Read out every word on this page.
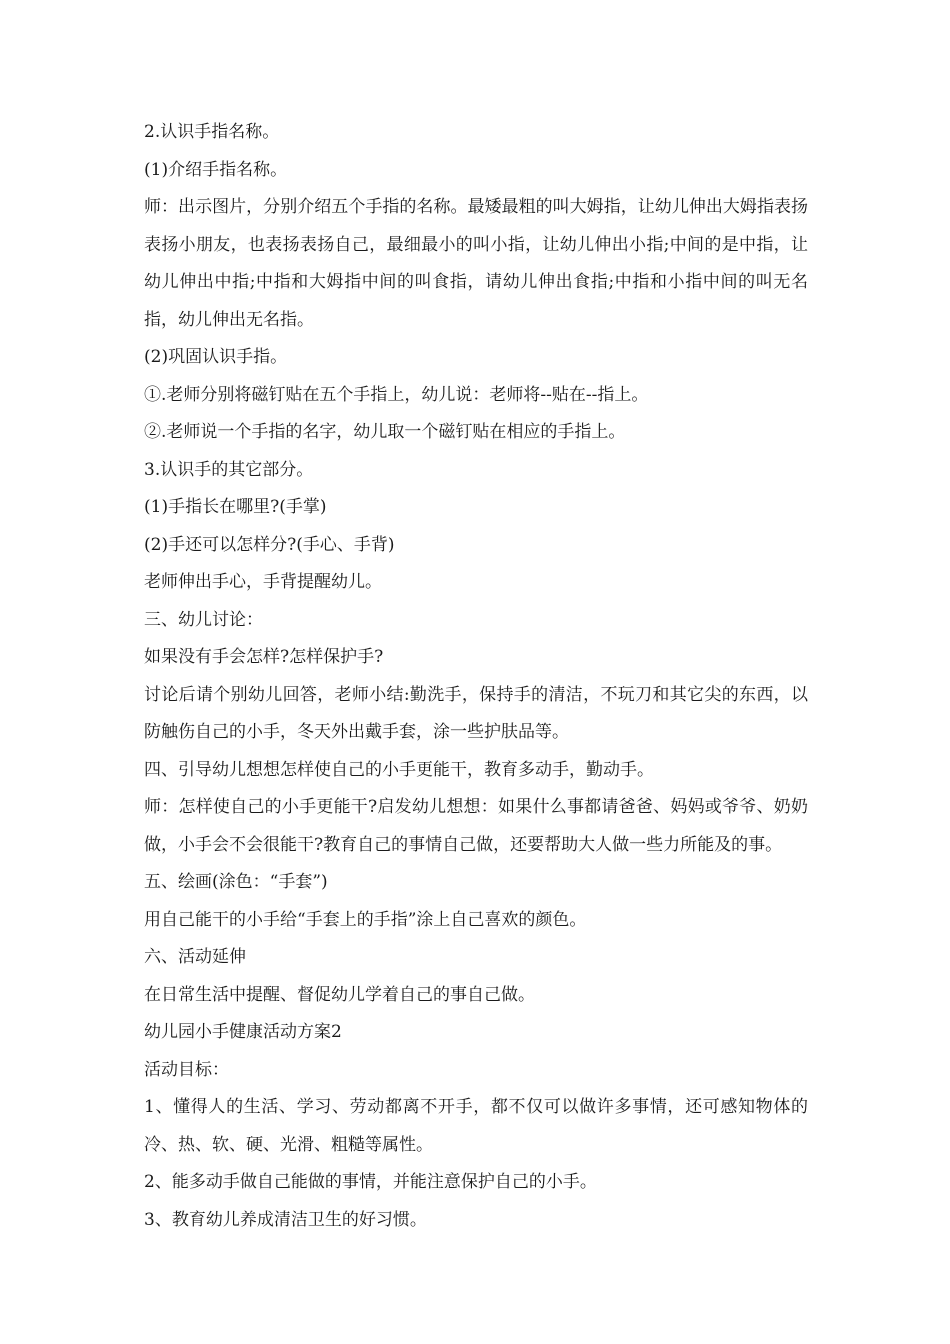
2.认识手指名称。

(1)介绍手指名称。

师：出示图片，分别介绍五个手指的名称。最矮最粗的叫大姆指，让幼儿伸出大姆指表扬表扬小朋友，也表扬表扬自己，最细最小的叫小指，让幼儿伸出小指;中间的是中指，让幼儿伸出中指;中指和大姆指中间的叫食指，请幼儿伸出食指;中指和小指中间的叫无名指，幼儿伸出无名指。

(2)巩固认识手指。

①.老师分别将磁钉贴在五个手指上，幼儿说：老师将--贴在--指上。

②.老师说一个手指的名字，幼儿取一个磁钉贴在相应的手指上。

3.认识手的其它部分。

(1)手指长在哪里?(手掌)

(2)手还可以怎样分?(手心、手背)

老师伸出手心，手背提醒幼儿。

三、幼儿讨论：

如果没有手会怎样?怎样保护手?

讨论后请个别幼儿回答，老师小结:勤洗手，保持手的清洁，不玩刀和其它尖的东西，以防触伤自己的小手，冬天外出戴手套，涂一些护肤品等。

四、引导幼儿想想怎样使自己的小手更能干，教育多动手，勤动手。

师：怎样使自己的小手更能干?启发幼儿想想：如果什么事都请爸爸、妈妈或爷爷、奶奶做，小手会不会很能干?教育自己的事情自己做，还要帮助大人做一些力所能及的事。

五、绘画(涂色：“手套”)

用自己能干的小手给“手套上的手指”涂上自己喜欢的颜色。

六、活动延伸

在日常生活中提醒、督促幼儿学着自己的事自己做。

幼儿园小手健康活动方案2

活动目标：

1、懂得人的生活、学习、劳动都离不开手，都不仅可以做许多事情，还可感知物体的冷、热、软、硬、光滑、粗糙等属性。

2、能多动手做自己能做的事情，并能注意保护自己的小手。

3、教育幼儿养成清洁卫生的好习惯。
